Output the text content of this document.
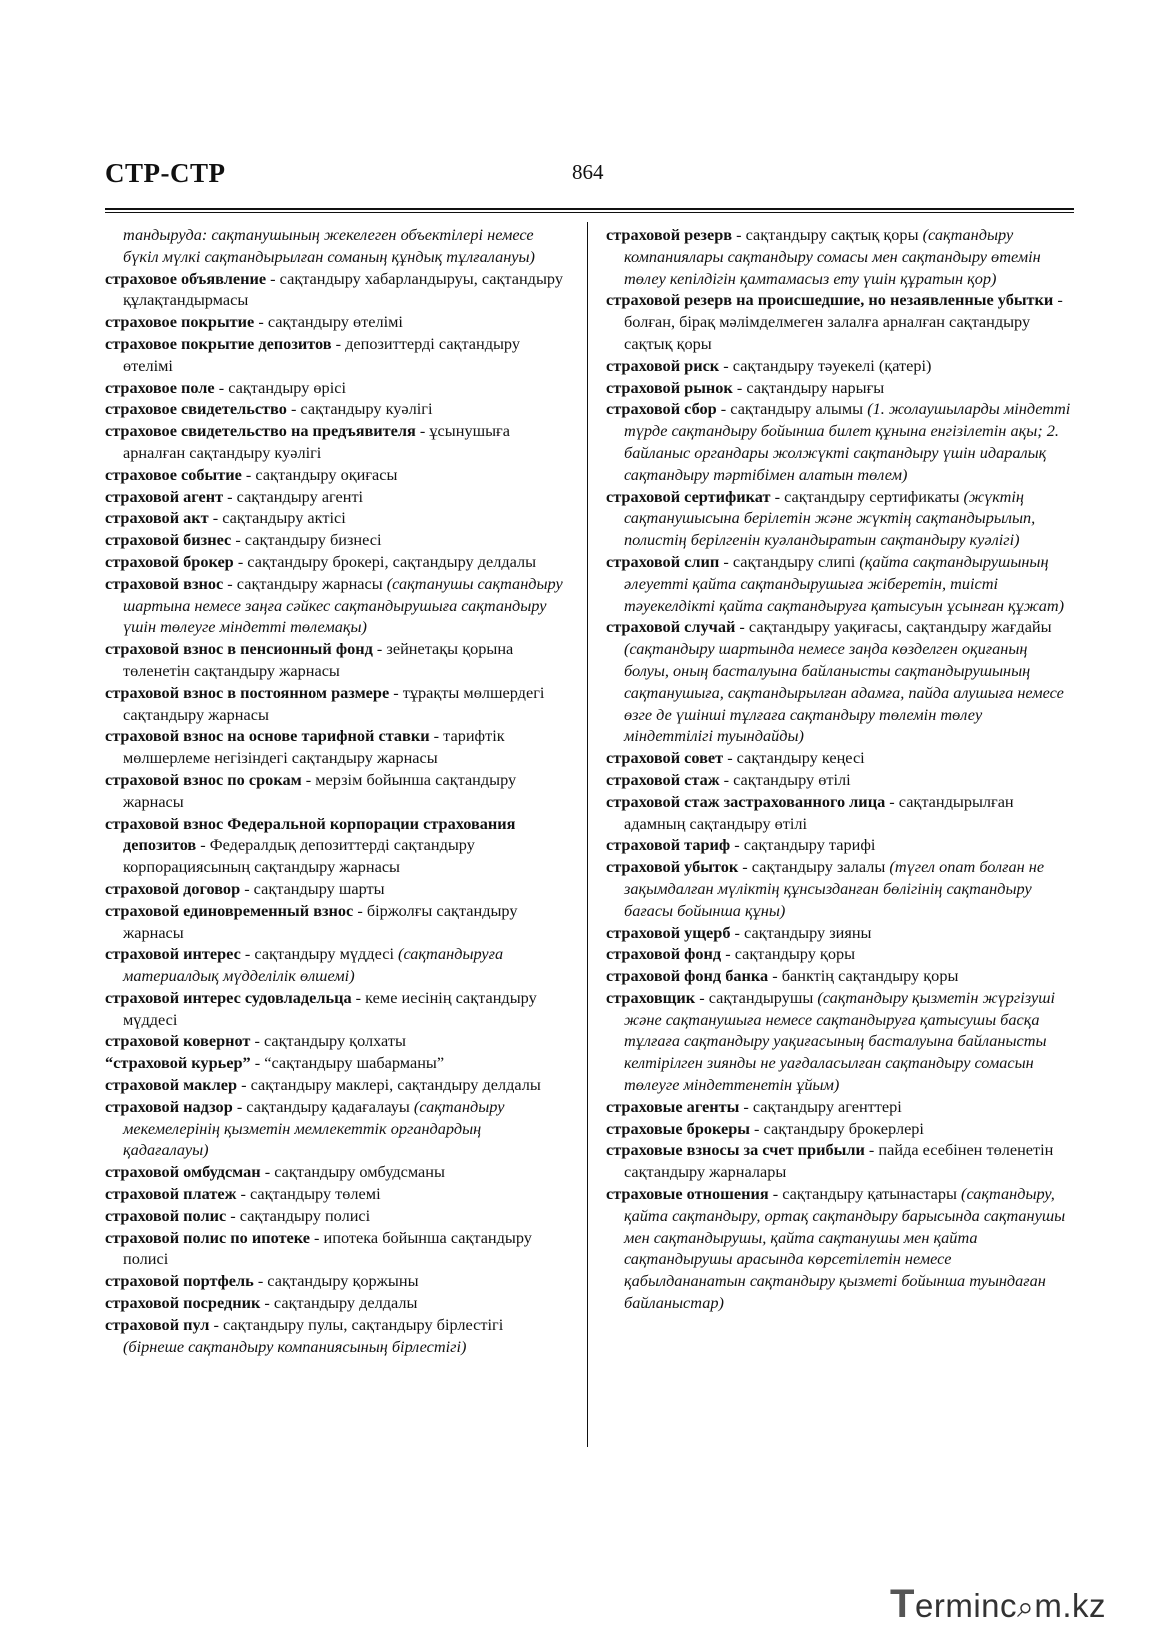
СТР-СТР	864

тандыруда: сақтанушының жекелеген объектілері немесе бүкіл мүлкі сақтандырылған соманың құндық тұлғалануы)

страховое объявление - сақтандыру хабарландыруы, сақтандыру құлақтандырмасы

страховое покрытие - сақтандыру өтелімі

страховое покрытие депозитов - депозиттерді сақтандыру өтелімі

страховое поле - сақтандыру өрісі

страховое свидетельство - сақтандыру куәлігі

страховое свидетельство на предъявителя - ұсынушыға арналған сақтандыру куәлігі

страховое событие - сақтандыру оқиғасы

страховой агент - сақтандыру агенті

страховой акт - сақтандыру актісі

страховой бизнес - сақтандыру бизнесі

страховой брокер - сақтандыру брокері, сақтандыру делдалы

страховой взнос - сақтандыру жарнасы (сақтанушы сақтандыру шартына немесе заңға сәйкес сақтандырушыға сақтандыру үшін төлеуге міндетті төлемақы)

страховой взнос в пенсионный фонд - зейнетақы қорына төленетін сақтандыру жарнасы

страховой взнос в постоянном размере - тұрақты мөлшердегі сақтандыру жарнасы

страховой взнос на основе тарифной ставки - тарифтік мөлшерлеме негізіндегі сақтандыру жарнасы

страховой взнос по срокам - мерзім бойынша сақтандыру жарнасы

страховой взнос Федеральной корпорации страхования депозитов - Федералдық депозиттерді сақтандыру корпорациясының сақтандыру жарнасы

страховой договор - сақтандыру шарты

страховой единовременный взнос - біржолғы сақтандыру жарнасы

страховой интерес - сақтандыру мүддесі (сақтандыруға материалдық мүдделілік өлшемі)

страховой интерес судовладельца - кеме иесінің сақтандыру мүддесі

страховой ковернот - сақтандыру қолхаты

“страховой курьер” - “сақтандыру шабарманы”

страховой маклер - сақтандыру маклері, сақтандыру делдалы

страховой надзор - сақтандыру қадағалауы (сақтандыру мекемелерінің қызметін мемлекеттік органдардың қадағалауы)

страховой омбудсман - сақтандыру омбудсманы

страховой платеж - сақтандыру төлемі

страховой полис - сақтандыру полисі

страховой полис по ипотеке - ипотека бойынша сақтандыру полисі

страховой портфель - сақтандыру қоржыны

страховой посредник - сақтандыру делдалы

страховой пул - сақтандыру пулы, сақтандыру бірлестігі (бірнеше сақтандыру компаниясының бірлестігі)

страховой резерв - сақтандыру сақтық қоры (сақтандыру компаниялары сақтандыру сомасы мен сақтандыру өтемін төлеу кепілдігін қамтамасыз ету үшін құратын қор)

страховой резерв на происшедшие, но незаявленные убытки - болған, бірақ мәлімделмеген залалға арналған сақтандыру сақтық қоры

страховой риск - сақтандыру тәуекелі (қатері)

страховой рынок - сақтандыру нарығы

страховой сбор - сақтандыру алымы (1. жолаушыларды міндетті түрде сақтандыру бойынша билет құнына енгізілетін ақы; 2. байланыс органдары жолжүкті сақтандыру үшін идаралық сақтандыру тәртібімен алатын төлем)

страховой сертификат - сақтандыру сертификаты (жүктің сақтанушысына берілетін және жүктің сақтандырылып, полистің берілгенін куәландыратын сақтандыру куәлігі)

страховой слип - сақтандыру слипі (қайта сақтандырушының әлеуетті қайта сақтандырушыға жіберетін, тиісті тәуекелдікті қайта сақтандыруға қатысуын ұсынған құжат)

страховой случай - сақтандыру уақиғасы, сақтандыру жағдайы (сақтандыру шартында немесе заңда көзделген оқиғаның болуы, оның басталуына байланысты сақтандырушының сақтанушыға, сақтандырылған адамға, пайда алушыға немесе өзге де үшінші тұлғаға сақтандыру төлемін төлеу міндеттілігі туындайды)

страховой совет - сақтандыру кеңесі

страховой стаж - сақтандыру өтілі

страховой стаж застрахованного лица - сақтандырылған адамның сақтандыру өтілі

страховой тариф - сақтандыру тарифі

страховой убыток - сақтандыру залалы (түгел опат болған не зақымдалған мүліктің құнсызданған бөлігінің сақтандыру бағасы бойынша құны)

страховой ущерб - сақтандыру зияны

страховой фонд - сақтандыру қоры

страховой фонд банка - банктің сақтандыру қоры

страховщик - сақтандырушы (сақтандыру қызметін жүргізуші және сақтанушыға немесе сақтандыруға қатысушы басқа тұлғаға сақтандыру уақиғасының басталуына байланысты келтірілген зиянды не уағдаласылған сақтандыру сомасын төлеуге міндеттенетін ұйым)

страховые агенты - сақтандыру агенттері

страховые брокеры - сақтандыру брокерлері

страховые взносы за счет прибыли - пайда есебінен төленетін сақтандыру жарналары

страховые отношения - сақтандыру қатынастары (сақтандыру, қайта сақтандыру, ортақ сақтандыру барысында сақтанушы мен сақтандырушы, қайта сақтанушы мен қайта сақтандырушы арасында көрсетілетін немесе қабылдананатын сақтандыру қызметі бойынша туындаған байланыстар)

Terminc⌕m.kz
